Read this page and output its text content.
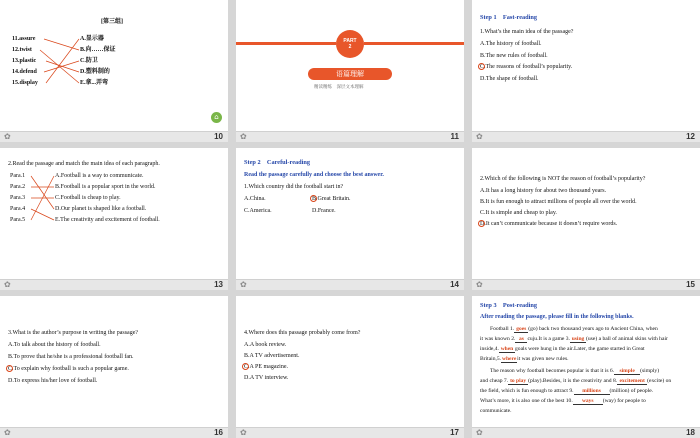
[第三组]
11.assure
12.twist
13.plastic
14.defend
15.display
A.显示器
B.向……保证
C.防卫
D.塑料制的
E.拿...弄弯
⌂
✿	10
PART
2
语篇理解
精读精练　深层文本理解
✿	11
Step 1　Fast-reading
1.What’s the main idea of the passage?
A.The history of football.
B.The new rules of football.
C.The reasons of football’s popularity.
D.The shape of football.
✿	12
2.Read the passage and match the main idea of each paragraph.
Para.1
Para.2
Para.3
Para.4
Para.5
A.Football is a way to communicate.
B.Football is a popular sport in the world.
C.Football is cheap to play.
D.Our planet is shaped like a football.
E.The creativity and excitement of football.
✿	13
Step 2　Careful-reading
Read the passage carefully and choose the best answer.
1.Which country did the football start in?
A.China.	B.Great Britain.
C.America.	D.France.
✿	14
2.Which of the following is NOT the reason of football’s popularity?
A.It has a long history for about two thousand years.
B.It is fun enough to attract millions of people all over the world.
C.It is simple and cheap to play.
D.It can’t communicate because it doesn’t require words.
✿	15
3.What is the author’s purpose in writing the passage?
A.To talk about the history of football.
B.To prove that he/she is a professional football fan.
C.To explain why football is such a popular game.
D.To express his/her love of football.
✿	16
4.Where does this passage probably come from?
A.A book review.
B.A TV advertisement.
C.A PE magazine.
D.A TV interview.
✿	17
Step 3　Post-reading
After reading the passage, please fill in the following blanks.
Football 1. goes (go) back two thousand years ago to Ancient China, when
it was known 2. as cuju.It is a game 3. using (use) a ball of animal skins with hair
inside,4. when goals were hung in the air.Later, the game started in Great
Britain,5.whereit was given new rules.
The reason why football becomes popular is that it is 6. simple (simply)
and cheap 7. to play (play).Besides, it is the creativity and 8. excitement (excite) on
the field, which is fun enough to attract 9. millions (million) of people.
What’s more, it is also one of the best 10. ways (way) for people to
communicate.
✿	18
